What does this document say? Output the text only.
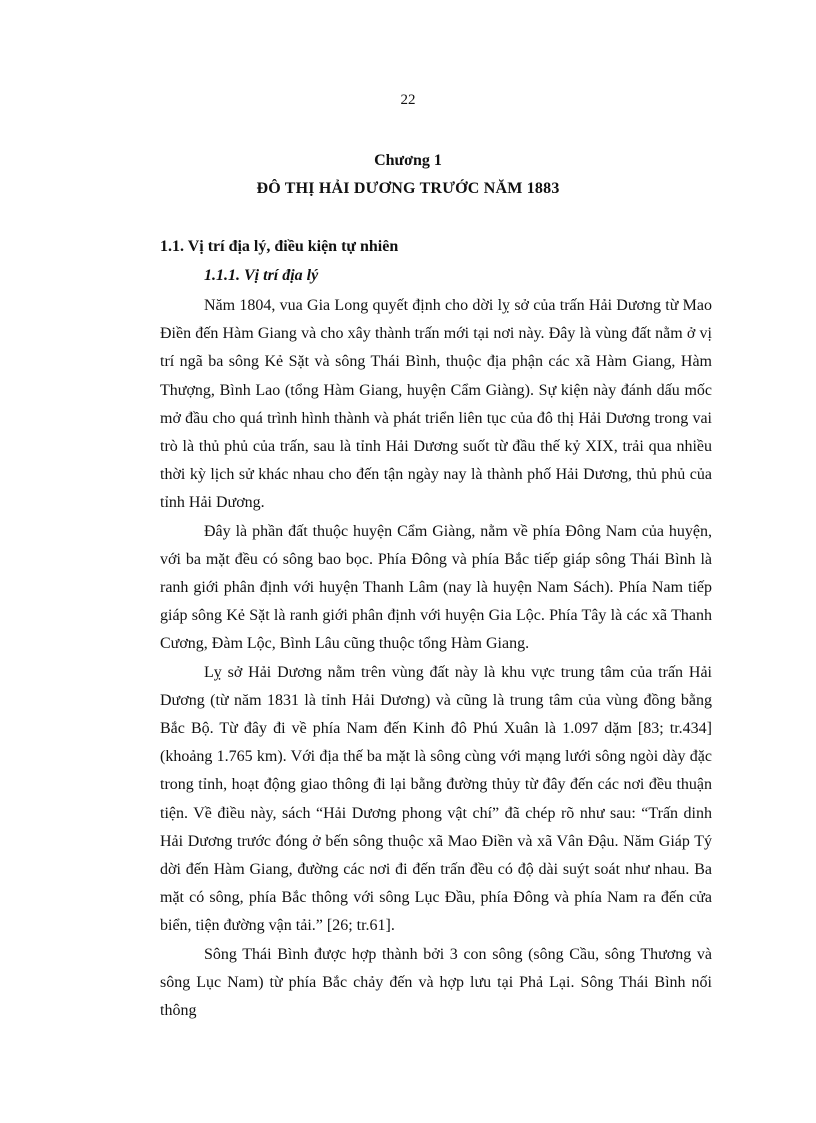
22
Chương 1
ĐÔ THỊ HẢI DƯƠNG TRƯỚC NĂM 1883

1.1. Vị trí địa lý, điều kiện tự nhiên

1.1.1. Vị trí địa lý

Năm 1804, vua Gia Long quyết định cho dời lỵ sở của trấn Hải Dương từ Mao Điền đến Hàm Giang và cho xây thành trấn mới tại nơi này. Đây là vùng đất nằm ở vị trí ngã ba sông Kẻ Sặt và sông Thái Bình, thuộc địa phận các xã Hàm Giang, Hàm Thượng, Bình Lao (tổng Hàm Giang, huyện Cẩm Giàng). Sự kiện này đánh dấu mốc mở đầu cho quá trình hình thành và phát triển liên tục của đô thị Hải Dương trong vai trò là thủ phủ của trấn, sau là tỉnh Hải Dương suốt từ đầu thế kỷ XIX, trải qua nhiều thời kỳ lịch sử khác nhau cho đến tận ngày nay là thành phố Hải Dương, thủ phủ của tỉnh Hải Dương.

Đây là phần đất thuộc huyện Cẩm Giàng, nằm về phía Đông Nam của huyện, với ba mặt đều có sông bao bọc. Phía Đông và phía Bắc tiếp giáp sông Thái Bình là ranh giới phân định với huyện Thanh Lâm (nay là huyện Nam Sách). Phía Nam tiếp giáp sông Kẻ Sặt là ranh giới phân định với huyện Gia Lộc. Phía Tây là các xã Thanh Cương, Đàm Lộc, Bình Lâu cũng thuộc tổng Hàm Giang.

Lỵ sở Hải Dương nằm trên vùng đất này là khu vực trung tâm của trấn Hải Dương (từ năm 1831 là tỉnh Hải Dương) và cũng là trung tâm của vùng đồng bằng Bắc Bộ. Từ đây đi về phía Nam đến Kinh đô Phú Xuân là 1.097 dặm [83; tr.434] (khoảng 1.765 km). Với địa thế ba mặt là sông cùng với mạng lưới sông ngòi dày đặc trong tỉnh, hoạt động giao thông đi lại bằng đường thủy từ đây đến các nơi đều thuận tiện. Về điều này, sách “Hải Dương phong vật chí” đã chép rõ như sau: “Trấn dinh Hải Dương trước đóng ở bến sông thuộc xã Mao Điền và xã Vân Đậu. Năm Giáp Tý dời đến Hàm Giang, đường các nơi đi đến trấn đều có độ dài suýt soát như nhau. Ba mặt có sông, phía Bắc thông với sông Lục Đầu, phía Đông và phía Nam ra đến cửa biển, tiện đường vận tải.” [26; tr.61].

Sông Thái Bình được hợp thành bởi 3 con sông (sông Cầu, sông Thương và sông Lục Nam) từ phía Bắc chảy đến và hợp lưu tại Phả Lại. Sông Thái Bình nối thông
